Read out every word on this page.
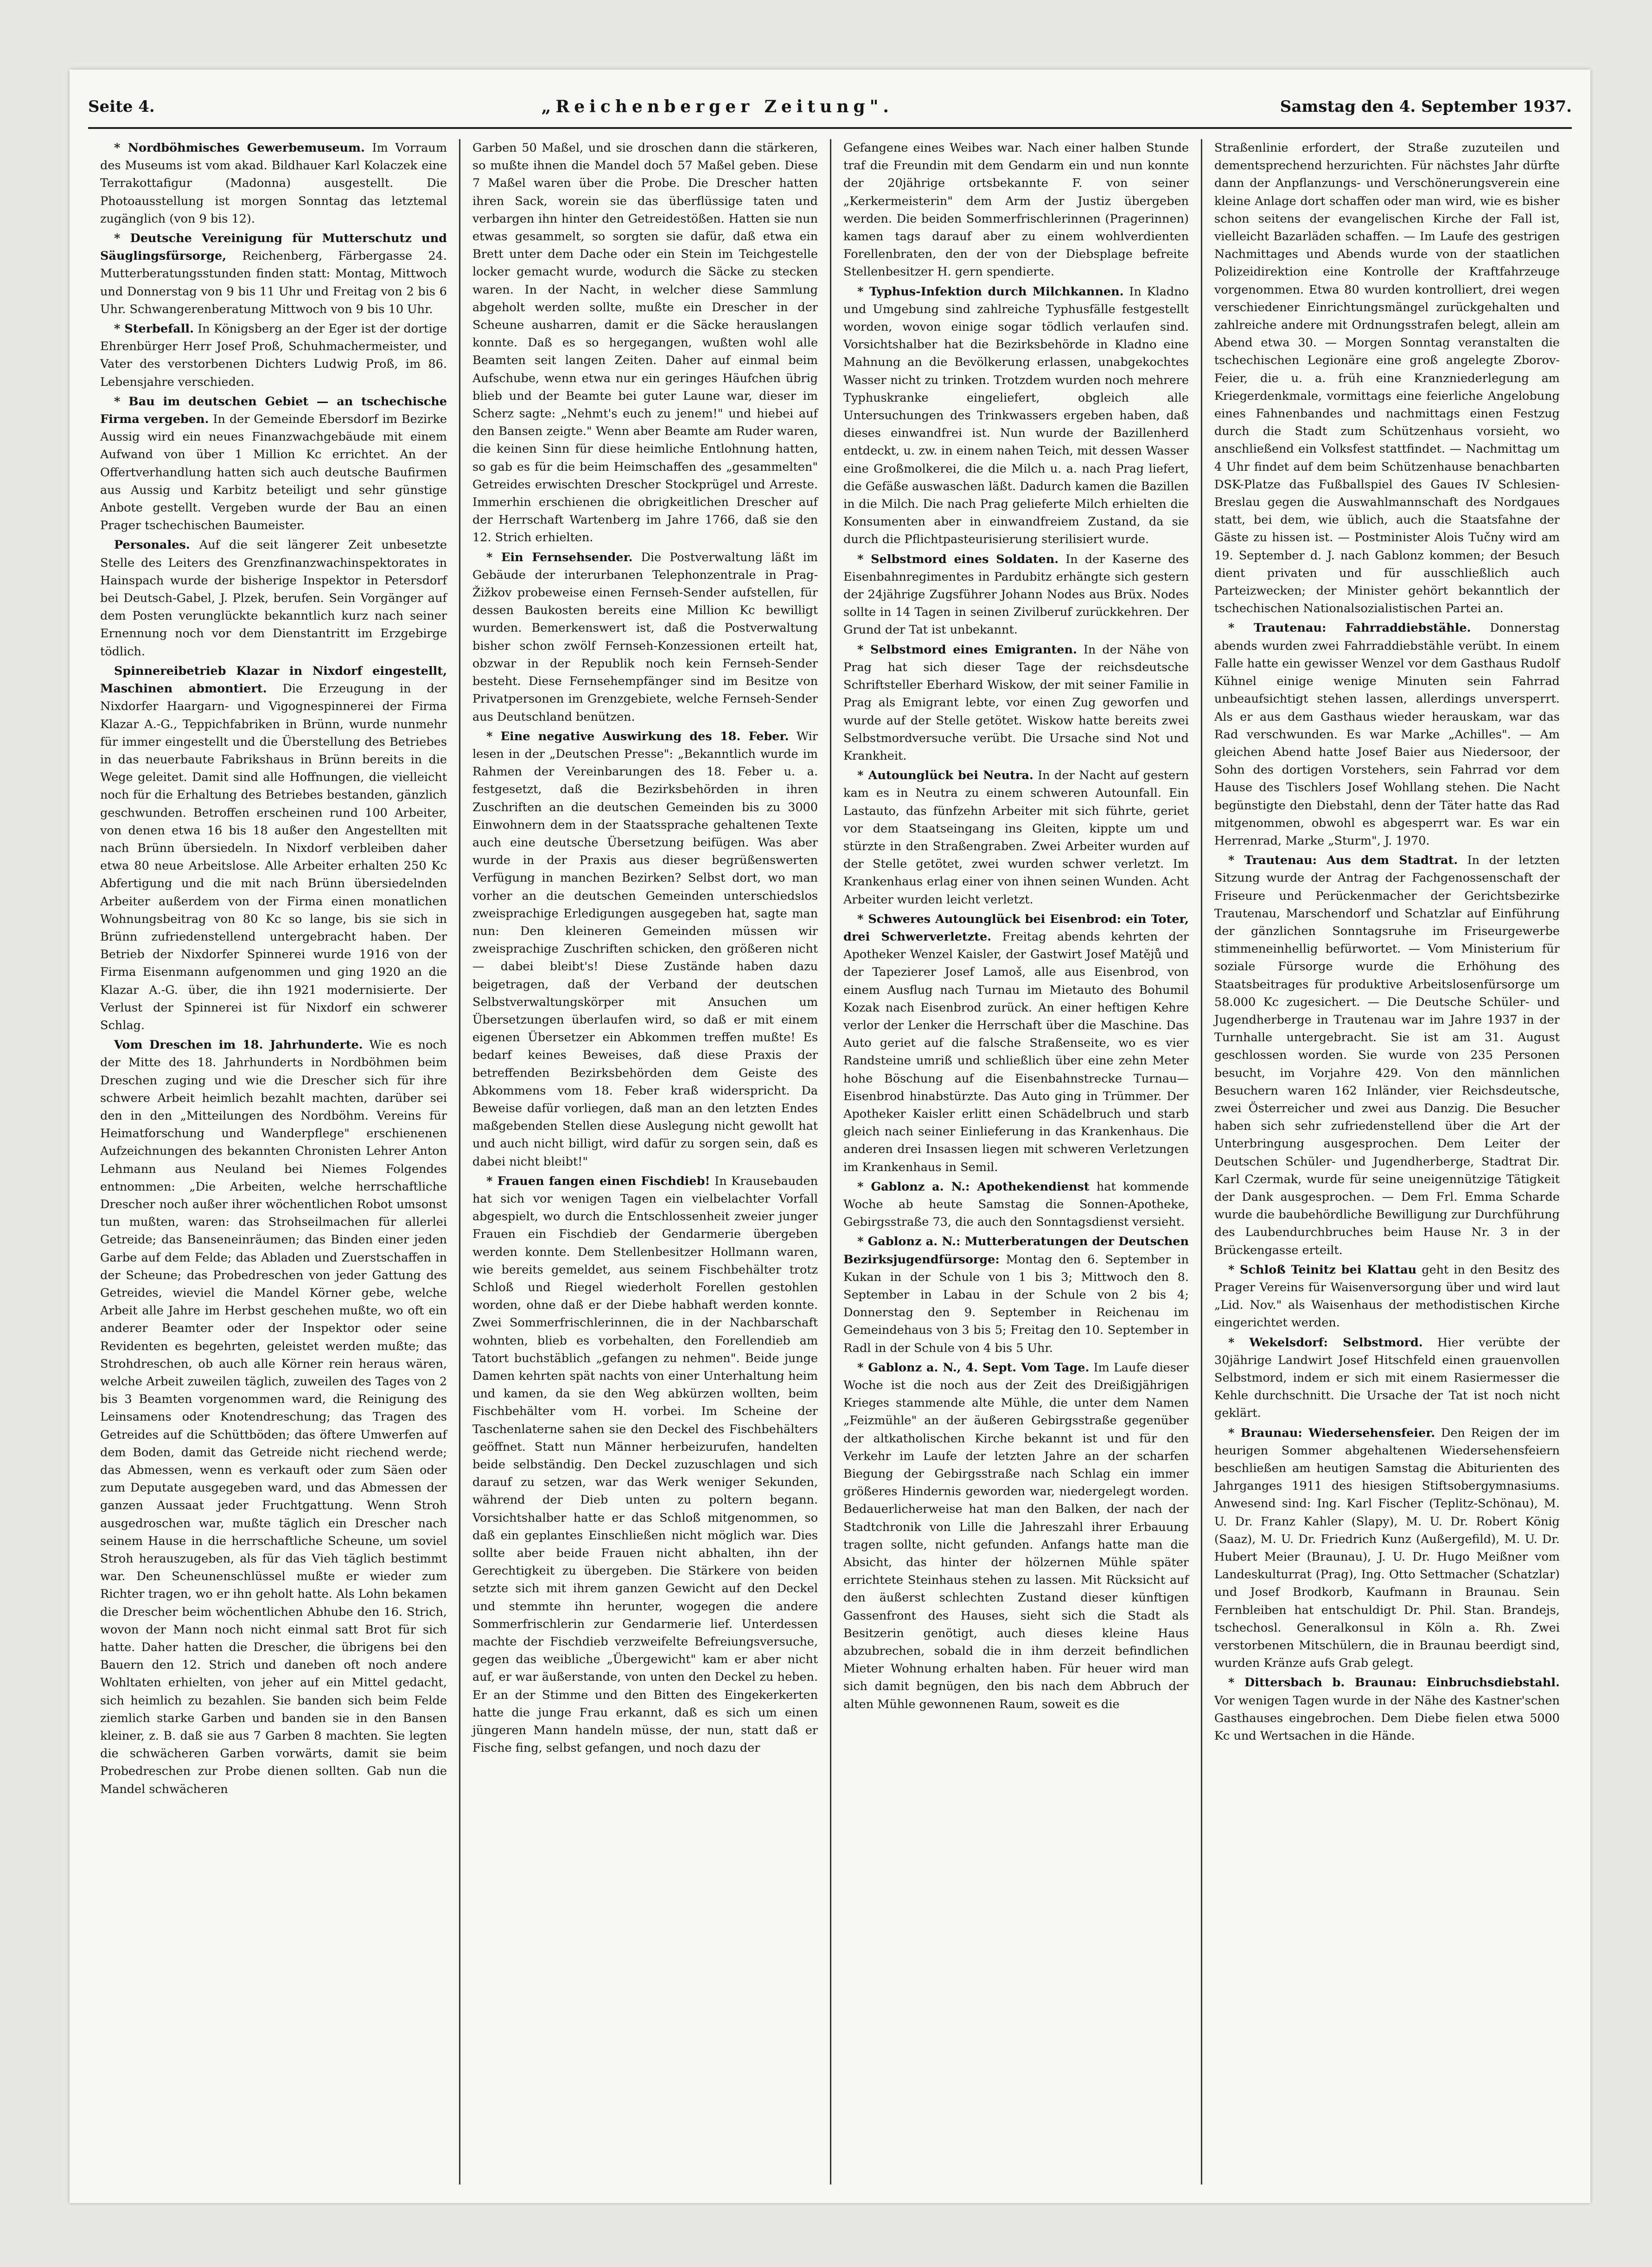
Seite 4.	„Reichenberger Zeitung".	Samstag den 4. September 1937.

* Nordböhmisches Gewerbemuseum. Im Vorraum des Museums ist vom akad. Bildhauer Karl Kolaczek eine Terrakottafigur (Madonna) ausgestellt. Die Photoausstellung ist morgen Sonntag das letztemal zugänglich (von 9 bis 12).

* Deutsche Vereinigung für Mutterschutz und Säuglingsfürsorge, Reichenberg, Färbergasse 24. Mutterberatungsstunden finden statt: Montag, Mittwoch und Donnerstag von 9 bis 11 Uhr und Freitag von 2 bis 6 Uhr. Schwangerenberatung Mittwoch von 9 bis 10 Uhr.

* Sterbefall. In Königsberg an der Eger ist der dortige Ehrenbürger Herr Josef Proß, Schuhmachermeister, und Vater des verstorbenen Dichters Ludwig Proß, im 86. Lebensjahre verschieden.

* Bau im deutschen Gebiet — an tschechische Firma vergeben. In der Gemeinde Ebersdorf im Bezirke Aussig wird ein neues Finanzwachgebäude mit einem Aufwand von über 1 Million Kc errichtet. An der Offertverhandlung hatten sich auch deutsche Baufirmen aus Aussig und Karbitz beteiligt und sehr günstige Anbote gestellt. Vergeben wurde der Bau an einen Prager tschechischen Baumeister.

Personales. Auf die seit längerer Zeit unbesetzte Stelle des Leiters des Grenzfinanzwachinspektorates in Hainspach wurde der bisherige Inspektor in Petersdorf bei Deutsch-Gabel, J. Plzek, berufen. Sein Vorgänger auf dem Posten verunglückte bekanntlich kurz nach seiner Ernennung noch vor dem Dienstantritt im Erzgebirge tödlich.

Spinnereibetrieb Klazar in Nixdorf eingestellt, Maschinen abmontiert. Die Erzeugung in der Nixdorfer Haargarn- und Vigognespinnerei der Firma Klazar A.-G., Teppichfabriken in Brünn, wurde nunmehr für immer eingestellt und die Überstellung des Betriebes in das neuerbaute Fabrikshaus in Brünn bereits in die Wege geleitet. Damit sind alle Hoffnungen, die vielleicht noch für die Erhaltung des Betriebes bestanden, gänzlich geschwunden. Betroffen erscheinen rund 100 Arbeiter, von denen etwa 16 bis 18 außer den Angestellten mit nach Brünn übersiedeln. In Nixdorf verbleiben daher etwa 80 neue Arbeitslose. Alle Arbeiter erhalten 250 Kc Abfertigung und die mit nach Brünn übersiedelnden Arbeiter außerdem von der Firma einen monatlichen Wohnungsbeitrag von 80 Kc so lange, bis sie sich in Brünn zufriedenstellend untergebracht haben. Der Betrieb der Nixdorfer Spinnerei wurde 1916 von der Firma Eisenmann aufgenommen und ging 1920 an die Klazar A.-G. über, die ihn 1921 modernisierte. Der Verlust der Spinnerei ist für Nixdorf ein schwerer Schlag.

Vom Dreschen im 18. Jahrhunderte. Wie es noch der Mitte des 18. Jahrhunderts in Nordböhmen beim Dreschen zuging und wie die Drescher sich für ihre schwere Arbeit heimlich bezahlt machten, darüber sei den in den „Mitteilungen des Nordböhm. Vereins für Heimatforschung und Wanderpflege" erschienenen Aufzeichnungen des bekannten Chronisten Lehrer Anton Lehmann aus Neuland bei Niemes Folgendes entnommen: „Die Arbeiten, welche herrschaftliche Drescher noch außer ihrer wöchentlichen Robot umsonst tun mußten, waren: das Strohseilmachen für allerlei Getreide; das Banseneinräumen; das Binden einer jeden Garbe auf dem Felde; das Abladen und Zuerstschaffen in der Scheune; das Probedreschen von jeder Gattung des Getreides, wieviel die Mandel Körner gebe, welche Arbeit alle Jahre im Herbst geschehen mußte, wo oft ein anderer Beamter oder der Inspektor oder seine Revidenten es begehrten, geleistet werden mußte; das Strohdreschen, ob auch alle Körner rein heraus wären, welche Arbeit zuweilen täglich, zuweilen des Tages von 2 bis 3 Beamten vorgenommen ward, die Reinigung des Leinsamens oder Knotendreschung; das Tragen des Getreides auf die Schüttböden; das öftere Umwerfen auf dem Boden, damit das Getreide nicht riechend werde; das Abmessen, wenn es verkauft oder zum Säen oder zum Deputate ausgegeben ward, und das Abmessen der ganzen Aussaat jeder Fruchtgattung. Wenn Stroh ausgedroschen war, mußte täglich ein Drescher nach seinem Hause in die herrschaftliche Scheune, um soviel Stroh herauszugeben, als für das Vieh täglich bestimmt war. Den Scheunenschlüssel mußte er wieder zum Richter tragen, wo er ihn geholt hatte. Als Lohn bekamen die Drescher beim wöchentlichen Abhube den 16. Strich, wovon der Mann noch nicht einmal satt Brot für sich hatte. Daher hatten die Drescher, die übrigens bei den Bauern den 12. Strich und daneben oft noch andere Wohltaten erhielten, von jeher auf ein Mittel gedacht, sich heimlich zu bezahlen. Sie banden sich beim Felde ziemlich starke Garben und banden sie in den Bansen kleiner, z. B. daß sie aus 7 Garben 8 machten. Sie legten die schwächeren Garben vorwärts, damit sie beim Probedreschen zur Probe dienen sollten. Gab nun die Mandel schwächeren

Garben 50 Maßel, und sie droschen dann die stärkeren, so mußte ihnen die Mandel doch 57 Maßel geben. Diese 7 Maßel waren über die Probe. Die Drescher hatten ihren Sack, worein sie das überflüssige taten und verbargen ihn hinter den Getreidestößen. Hatten sie nun etwas gesammelt, so sorgten sie dafür, daß etwa ein Brett unter dem Dache oder ein Stein im Teichgestelle locker gemacht wurde, wodurch die Säcke zu stecken waren. In der Nacht, in welcher diese Sammlung abgeholt werden sollte, mußte ein Drescher in der Scheune ausharren, damit er die Säcke herauslangen konnte. Daß es so hergegangen, wußten wohl alle Beamten seit langen Zeiten. Daher auf einmal beim Aufschube, wenn etwa nur ein geringes Häufchen übrig blieb und der Beamte bei guter Laune war, dieser im Scherz sagte: „Nehmt's euch zu jenem!" und hiebei auf den Bansen zeigte." Wenn aber Beamte am Ruder waren, die keinen Sinn für diese heimliche Entlohnung hatten, so gab es für die beim Heimschaffen des „gesammelten" Getreides erwischten Drescher Stockprügel und Arreste. Immerhin erschienen die obrigkeitlichen Drescher auf der Herrschaft Wartenberg im Jahre 1766, daß sie den 12. Strich erhielten.

* Ein Fernsehsender. Die Postverwaltung läßt im Gebäude der interurbanen Telephonzentrale in Prag-Žižkov probeweise einen Fernseh-Sender aufstellen, für dessen Baukosten bereits eine Million Kc bewilligt wurden. Bemerkenswert ist, daß die Postverwaltung bisher schon zwölf Fernseh-Konzessionen erteilt hat, obzwar in der Republik noch kein Fernseh-Sender besteht. Diese Fernsehempfänger sind im Besitze von Privatpersonen im Grenzgebiete, welche Fernseh-Sender aus Deutschland benützen.

* Eine negative Auswirkung des 18. Feber. Wir lesen in der „Deutschen Presse": „Bekanntlich wurde im Rahmen der Vereinbarungen des 18. Feber u. a. festgesetzt, daß die Bezirksbehörden in ihren Zuschriften an die deutschen Gemeinden bis zu 3000 Einwohnern dem in der Staatssprache gehaltenen Texte auch eine deutsche Übersetzung beifügen. Was aber wurde in der Praxis aus dieser begrüßenswerten Verfügung in manchen Bezirken? Selbst dort, wo man vorher an die deutschen Gemeinden unterschiedslos zweisprachige Erledigungen ausgegeben hat, sagte man nun: Den kleineren Gemeinden müssen wir zweisprachige Zuschriften schicken, den größeren nicht — dabei bleibt's! Diese Zustände haben dazu beigetragen, daß der Verband der deutschen Selbstverwaltungskörper mit Ansuchen um Übersetzungen überlaufen wird, so daß er mit einem eigenen Übersetzer ein Abkommen treffen mußte! Es bedarf keines Beweises, daß diese Praxis der betreffenden Bezirksbehörden dem Geiste des Abkommens vom 18. Feber kraß widerspricht. Da Beweise dafür vorliegen, daß man an den letzten Endes maßgebenden Stellen diese Auslegung nicht gewollt hat und auch nicht billigt, wird dafür zu sorgen sein, daß es dabei nicht bleibt!"

* Frauen fangen einen Fischdieb! In Krausebauden hat sich vor wenigen Tagen ein vielbelachter Vorfall abgespielt, wo durch die Entschlossenheit zweier junger Frauen ein Fischdieb der Gendarmerie übergeben werden konnte. Dem Stellenbesitzer Hollmann waren, wie bereits gemeldet, aus seinem Fischbehälter trotz Schloß und Riegel wiederholt Forellen gestohlen worden, ohne daß er der Diebe habhaft werden konnte. Zwei Sommerfrischlerinnen, die in der Nachbarschaft wohnten, blieb es vorbehalten, den Forellendieb am Tatort buchstäblich „gefangen zu nehmen". Beide junge Damen kehrten spät nachts von einer Unterhaltung heim und kamen, da sie den Weg abkürzen wollten, beim Fischbehälter vom H. vorbei. Im Scheine der Taschenlaterne sahen sie den Deckel des Fischbehälters geöffnet. Statt nun Männer herbeizurufen, handelten beide selbständig. Den Deckel zuzuschlagen und sich darauf zu setzen, war das Werk weniger Sekunden, während der Dieb unten zu poltern begann. Vorsichtshalber hatte er das Schloß mitgenommen, so daß ein geplantes Einschließen nicht möglich war. Dies sollte aber beide Frauen nicht abhalten, ihn der Gerechtigkeit zu übergeben. Die Stärkere von beiden setzte sich mit ihrem ganzen Gewicht auf den Deckel und stemmte ihn herunter, wogegen die andere Sommerfrischlerin zur Gendarmerie lief. Unterdessen machte der Fischdieb verzweifelte Befreiungsversuche, gegen das weibliche „Übergewicht" kam er aber nicht auf, er war äußerstande, von unten den Deckel zu heben. Er an der Stimme und den Bitten des Eingekerkerten hatte die junge Frau erkannt, daß es sich um einen jüngeren Mann handeln müsse, der nun, statt daß er Fische fing, selbst gefangen, und noch dazu der

Gefangene eines Weibes war. Nach einer halben Stunde traf die Freundin mit dem Gendarm ein und nun konnte der 20jährige ortsbekannte F. von seiner „Kerkermeisterin" dem Arm der Justiz übergeben werden. Die beiden Sommerfrischlerinnen (Pragerinnen) kamen tags darauf aber zu einem wohlverdienten Forellenbraten, den der von der Diebsplage befreite Stellenbesitzer H. gern spendierte.

* Typhus-Infektion durch Milchkannen. In Kladno und Umgebung sind zahlreiche Typhusfälle festgestellt worden, wovon einige sogar tödlich verlaufen sind. Vorsichtshalber hat die Bezirksbehörde in Kladno eine Mahnung an die Bevölkerung erlassen, unabgekochtes Wasser nicht zu trinken. Trotzdem wurden noch mehrere Typhuskranke eingeliefert, obgleich alle Untersuchungen des Trinkwassers ergeben haben, daß dieses einwandfrei ist. Nun wurde der Bazillenherd entdeckt, u. zw. in einem nahen Teich, mit dessen Wasser eine Großmolkerei, die die Milch u. a. nach Prag liefert, die Gefäße auswaschen läßt. Dadurch kamen die Bazillen in die Milch. Die nach Prag gelieferte Milch erhielten die Konsumenten aber in einwandfreiem Zustand, da sie durch die Pflichtpasteurisierung sterilisiert wurde.

* Selbstmord eines Soldaten. In der Kaserne des Eisenbahnregimentes in Pardubitz erhängte sich gestern der 24jährige Zugsführer Johann Nodes aus Brüx. Nodes sollte in 14 Tagen in seinen Zivilberuf zurückkehren. Der Grund der Tat ist unbekannt.

* Selbstmord eines Emigranten. In der Nähe von Prag hat sich dieser Tage der reichsdeutsche Schriftsteller Eberhard Wiskow, der mit seiner Familie in Prag als Emigrant lebte, vor einen Zug geworfen und wurde auf der Stelle getötet. Wiskow hatte bereits zwei Selbstmordversuche verübt. Die Ursache sind Not und Krankheit.

* Autounglück bei Neutra. In der Nacht auf gestern kam es in Neutra zu einem schweren Autounfall. Ein Lastauto, das fünfzehn Arbeiter mit sich führte, geriet vor dem Staatseingang ins Gleiten, kippte um und stürzte in den Straßengraben. Zwei Arbeiter wurden auf der Stelle getötet, zwei wurden schwer verletzt. Im Krankenhaus erlag einer von ihnen seinen Wunden. Acht Arbeiter wurden leicht verletzt.

* Schweres Autounglück bei Eisenbrod: ein Toter, drei Schwerverletzte. Freitag abends kehrten der Apotheker Wenzel Kaisler, der Gastwirt Josef Matějů und der Tapezierer Josef Lamoš, alle aus Eisenbrod, von einem Ausflug nach Turnau im Mietauto des Bohumil Kozak nach Eisenbrod zurück. An einer heftigen Kehre verlor der Lenker die Herrschaft über die Maschine. Das Auto geriet auf die falsche Straßenseite, wo es vier Randsteine umriß und schließlich über eine zehn Meter hohe Böschung auf die Eisenbahnstrecke Turnau—Eisenbrod hinabstürzte. Das Auto ging in Trümmer. Der Apotheker Kaisler erlitt einen Schädelbruch und starb gleich nach seiner Einlieferung in das Krankenhaus. Die anderen drei Insassen liegen mit schweren Verletzungen im Krankenhaus in Semil.

* Gablonz a. N.: Apothekendienst hat kommende Woche ab heute Samstag die Sonnen-Apotheke, Gebirgsstraße 73, die auch den Sonntagsdienst versieht.

* Gablonz a. N.: Mutterberatungen der Deutschen Bezirksjugendfürsorge: Montag den 6. September in Kukan in der Schule von 1 bis 3; Mittwoch den 8. September in Labau in der Schule von 2 bis 4; Donnerstag den 9. September in Reichenau im Gemeindehaus von 3 bis 5; Freitag den 10. September in Radl in der Schule von 4 bis 5 Uhr.

* Gablonz a. N., 4. Sept. Vom Tage. Im Laufe dieser Woche ist die noch aus der Zeit des Dreißigjährigen Krieges stammende alte Mühle, die unter dem Namen „Feizmühle" an der äußeren Gebirgsstraße gegenüber der altkatholischen Kirche bekannt ist und für den Verkehr im Laufe der letzten Jahre an der scharfen Biegung der Gebirgsstraße nach Schlag ein immer größeres Hindernis geworden war, niedergelegt worden. Bedauerlicherweise hat man den Balken, der nach der Stadtchronik von Lille die Jahreszahl ihrer Erbauung tragen sollte, nicht gefunden. Anfangs hatte man die Absicht, das hinter der hölzernen Mühle später errichtete Steinhaus stehen zu lassen. Mit Rücksicht auf den äußerst schlechten Zustand dieser künftigen Gassenfront des Hauses, sieht sich die Stadt als Besitzerin genötigt, auch dieses kleine Haus abzubrechen, sobald die in ihm derzeit befindlichen Mieter Wohnung erhalten haben. Für heuer wird man sich damit begnügen, den bis nach dem Abbruch der alten Mühle gewonnenen Raum, soweit es die

Straßenlinie erfordert, der Straße zuzuteilen und dementsprechend herzurichten. Für nächstes Jahr dürfte dann der Anpflanzungs- und Verschönerungsverein eine kleine Anlage dort schaffen oder man wird, wie es bisher schon seitens der evangelischen Kirche der Fall ist, vielleicht Bazarläden schaffen. — Im Laufe des gestrigen Nachmittages und Abends wurde von der staatlichen Polizeidirektion eine Kontrolle der Kraftfahrzeuge vorgenommen. Etwa 80 wurden kontrolliert, drei wegen verschiedener Einrichtungsmängel zurückgehalten und zahlreiche andere mit Ordnungsstrafen belegt, allein am Abend etwa 30. — Morgen Sonntag veranstalten die tschechischen Legionäre eine groß angelegte Zborov-Feier, die u. a. früh eine Kranzniederlegung am Kriegerdenkmale, vormittags eine feierliche Angelobung eines Fahnenbandes und nachmittags einen Festzug durch die Stadt zum Schützenhaus vorsieht, wo anschließend ein Volksfest stattfindet. — Nachmittag um 4 Uhr findet auf dem beim Schützenhause benachbarten DSK-Platze das Fußballspiel des Gaues IV Schlesien-Breslau gegen die Auswahlmannschaft des Nordgaues statt, bei dem, wie üblich, auch die Staatsfahne der Gäste zu hissen ist. — Postminister Alois Tučny wird am 19. September d. J. nach Gablonz kommen; der Besuch dient privaten und für ausschließlich auch Parteizwecken; der Minister gehört bekanntlich der tschechischen Nationalsozialistischen Partei an.

* Trautenau: Fahrraddiebstähle. Donnerstag abends wurden zwei Fahrraddiebstähle verübt. In einem Falle hatte ein gewisser Wenzel vor dem Gasthaus Rudolf Kühnel einige wenige Minuten sein Fahrrad unbeaufsichtigt stehen lassen, allerdings unversperrt. Als er aus dem Gasthaus wieder herauskam, war das Rad verschwunden. Es war Marke „Achilles". — Am gleichen Abend hatte Josef Baier aus Niedersoor, der Sohn des dortigen Vorstehers, sein Fahrrad vor dem Hause des Tischlers Josef Wohllang stehen. Die Nacht begünstigte den Diebstahl, denn der Täter hatte das Rad mitgenommen, obwohl es abgesperrt war. Es war ein Herrenrad, Marke „Sturm", J. 1970.

* Trautenau: Aus dem Stadtrat. In der letzten Sitzung wurde der Antrag der Fachgenossenschaft der Friseure und Perückenmacher der Gerichtsbezirke Trautenau, Marschendorf und Schatzlar auf Einführung der gänzlichen Sonntagsruhe im Friseurgewerbe stimmeneinhellig befürwortet. — Vom Ministerium für soziale Fürsorge wurde die Erhöhung des Staatsbeitrages für produktive Arbeitslosenfürsorge um 58.000 Kc zugesichert. — Die Deutsche Schüler- und Jugendherberge in Trautenau war im Jahre 1937 in der Turnhalle untergebracht. Sie ist am 31. August geschlossen worden. Sie wurde von 235 Personen besucht, im Vorjahre 429. Von den männlichen Besuchern waren 162 Inländer, vier Reichsdeutsche, zwei Österreicher und zwei aus Danzig. Die Besucher haben sich sehr zufriedenstellend über die Art der Unterbringung ausgesprochen. Dem Leiter der Deutschen Schüler- und Jugendherberge, Stadtrat Dir. Karl Czermak, wurde für seine uneigennützige Tätigkeit der Dank ausgesprochen. — Dem Frl. Emma Scharde wurde die baubehördliche Bewilligung zur Durchführung des Laubendurchbruches beim Hause Nr. 3 in der Brückengasse erteilt.

* Schloß Teinitz bei Klattau geht in den Besitz des Prager Vereins für Waisenversorgung über und wird laut „Lid. Nov." als Waisenhaus der methodistischen Kirche eingerichtet werden.

* Wekelsdorf: Selbstmord. Hier verübte der 30jährige Landwirt Josef Hitschfeld einen grauenvollen Selbstmord, indem er sich mit einem Rasiermesser die Kehle durchschnitt. Die Ursache der Tat ist noch nicht geklärt.

* Braunau: Wiedersehensfeier. Den Reigen der im heurigen Sommer abgehaltenen Wiedersehensfeiern beschließen am heutigen Samstag die Abiturienten des Jahrganges 1911 des hiesigen Stiftsobergymnasiums. Anwesend sind: Ing. Karl Fischer (Teplitz-Schönau), M. U. Dr. Franz Kahler (Slapy), M. U. Dr. Robert König (Saaz), M. U. Dr. Friedrich Kunz (Außergefild), M. U. Dr. Hubert Meier (Braunau), J. U. Dr. Hugo Meißner vom Landeskulturrat (Prag), Ing. Otto Settmacher (Schatzlar) und Josef Brodkorb, Kaufmann in Braunau. Sein Fernbleiben hat entschuldigt Dr. Phil. Stan. Brandejs, tschechosl. Generalkonsul in Köln a. Rh. Zwei verstorbenen Mitschülern, die in Braunau beerdigt sind, wurden Kränze aufs Grab gelegt.

* Dittersbach b. Braunau: Einbruchsdiebstahl. Vor wenigen Tagen wurde in der Nähe des Kastner'schen Gasthauses eingebrochen. Dem Diebe fielen etwa 5000 Kc und Wertsachen in die Hände.
